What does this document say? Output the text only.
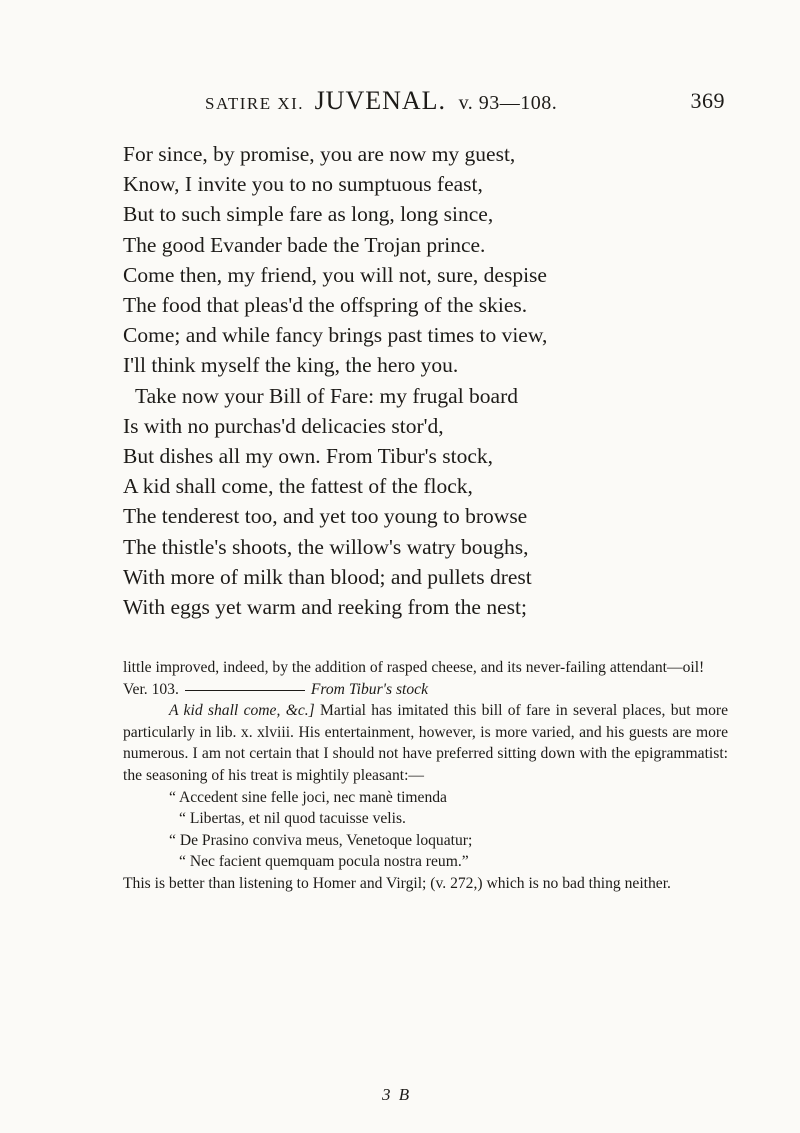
SATIRE XI. JUVENAL. v. 93—108.	369
For since, by promise, you are now my guest,
Know, I invite you to no sumptuous feast,
But to such simple fare as long, long since,
The good Evander bade the Trojan prince.
Come then, my friend, you will not, sure, despise
The food that pleas'd the offspring of the skies.
Come; and while fancy brings past times to view,
I'll think myself the king, the hero you.
Take now your Bill of Fare: my frugal board
Is with no purchas'd delicacies stor'd,
But dishes all my own. From Tibur's stock,
A kid shall come, the fattest of the flock,
The tenderest too, and yet too young to browse
The thistle's shoots, the willow's watry boughs,
With more of milk than blood; and pullets drest
With eggs yet warm and reeking from the nest;

little improved, indeed, by the addition of rasped cheese, and its never-failing attendant—oil!

Ver. 103.	From Tibur's stock

A kid shall come, &c.] Martial has imitated this bill of fare in several places, but more particularly in lib. x. xlviii. His entertainment, however, is more varied, and his guests are more numerous. I am not certain that I should not have preferred sitting down with the epigrammatist: the seasoning of his treat is mightily pleasant:—

“ Accedent sine felle joci, nec manè timenda
“ Libertas, et nil quod tacuisse velis.
“ De Prasino conviva meus, Venetoque loquatur;
“ Nec facient quemquam pocula nostra reum.”

This is better than listening to Homer and Virgil; (v. 272,) which is no bad thing neither.

3 B
